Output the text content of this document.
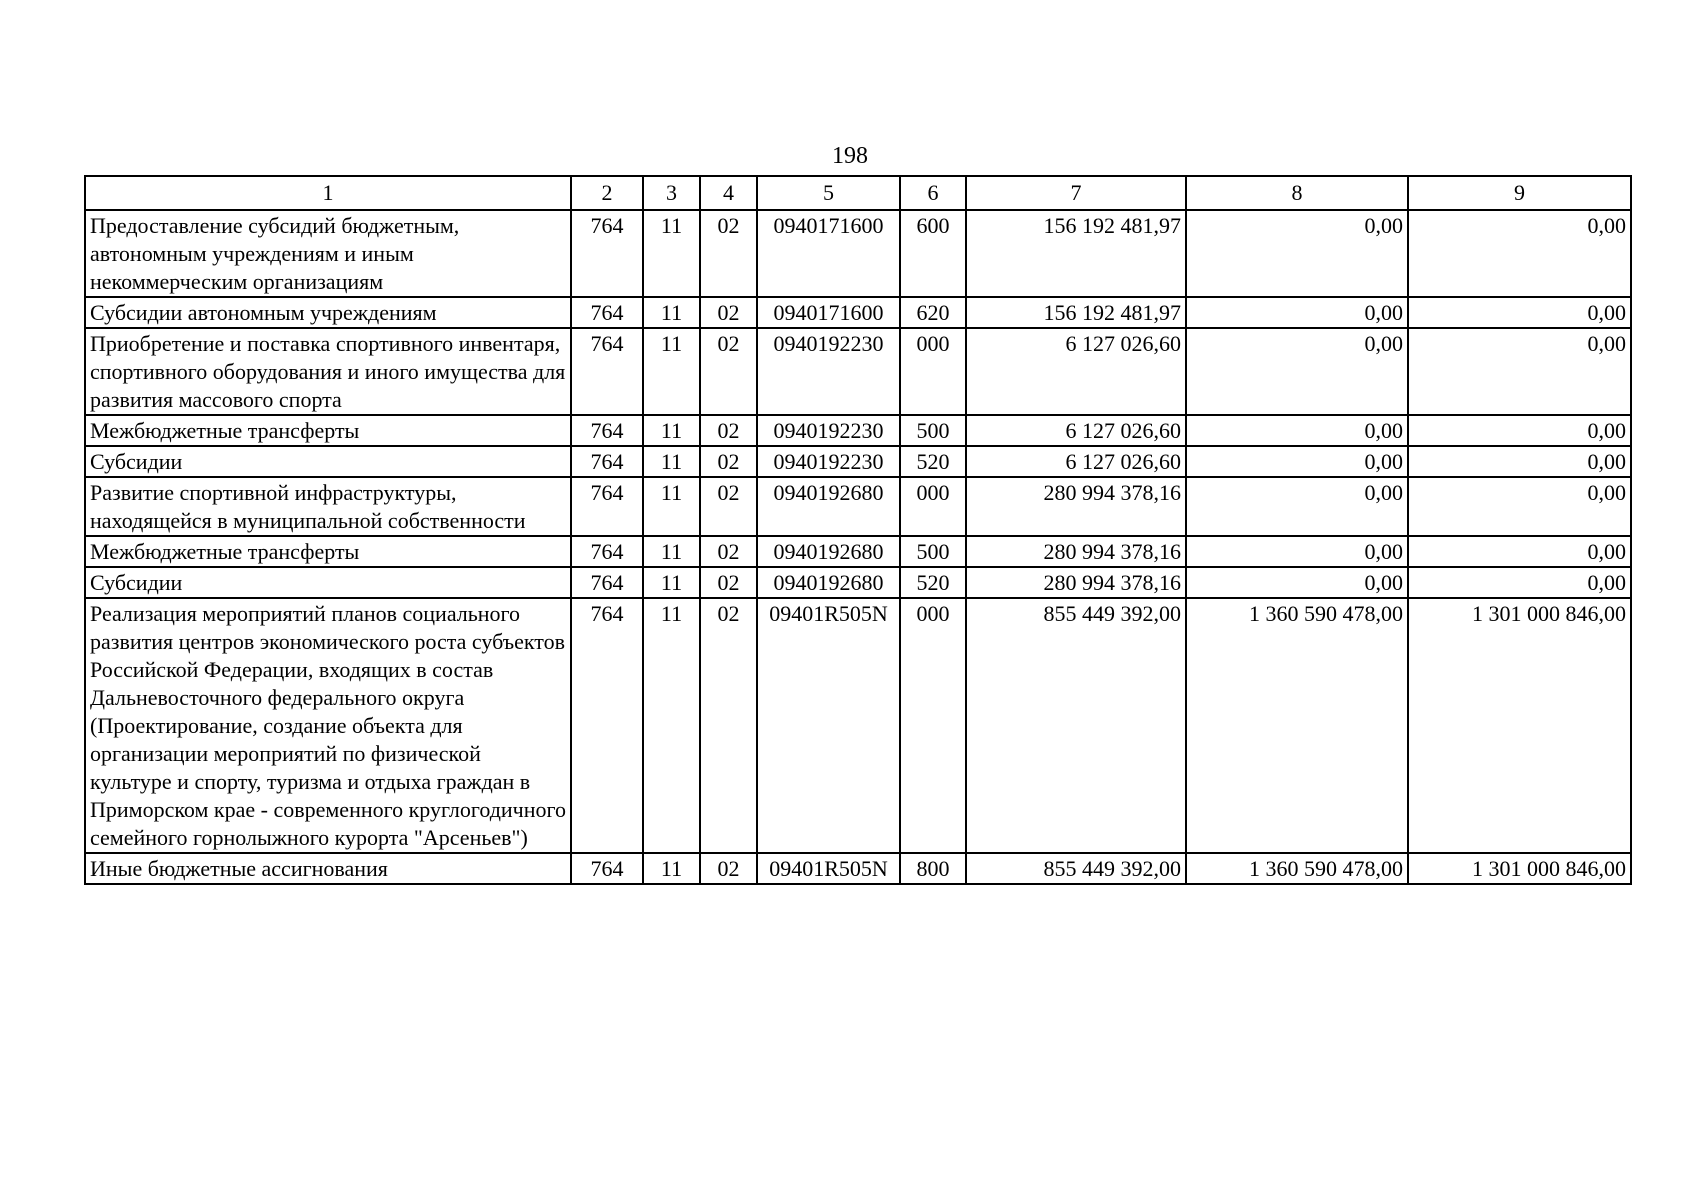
198
1	2	3	4	5	6	7	8	9
Предоставление субсидий бюджетным, автономным учреждениям и иным некоммерческим организациям	764	11	02	0940171600	600	156 192 481,97	0,00	0,00
Субсидии автономным учреждениям	764	11	02	0940171600	620	156 192 481,97	0,00	0,00
Приобретение и поставка спортивного инвентаря, спортивного оборудования и иного имущества для развития массового спорта	764	11	02	0940192230	000	6 127 026,60	0,00	0,00
Межбюджетные трансферты	764	11	02	0940192230	500	6 127 026,60	0,00	0,00
Субсидии	764	11	02	0940192230	520	6 127 026,60	0,00	0,00
Развитие спортивной инфраструктуры, находящейся в муниципальной собственности	764	11	02	0940192680	000	280 994 378,16	0,00	0,00
Межбюджетные трансферты	764	11	02	0940192680	500	280 994 378,16	0,00	0,00
Субсидии	764	11	02	0940192680	520	280 994 378,16	0,00	0,00
Реализация мероприятий планов социального развития центров экономического роста субъектов Российской Федерации, входящих в состав Дальневосточного федерального округа (Проектирование, создание объекта для организации мероприятий по физической культуре и спорту, туризма и отдыха граждан в Приморском крае - современного круглогодичного семейного горнолыжного курорта "Арсеньев")	764	11	02	09401R505N	000	855 449 392,00	1 360 590 478,00	1 301 000 846,00
Иные бюджетные ассигнования	764	11	02	09401R505N	800	855 449 392,00	1 360 590 478,00	1 301 000 846,00
